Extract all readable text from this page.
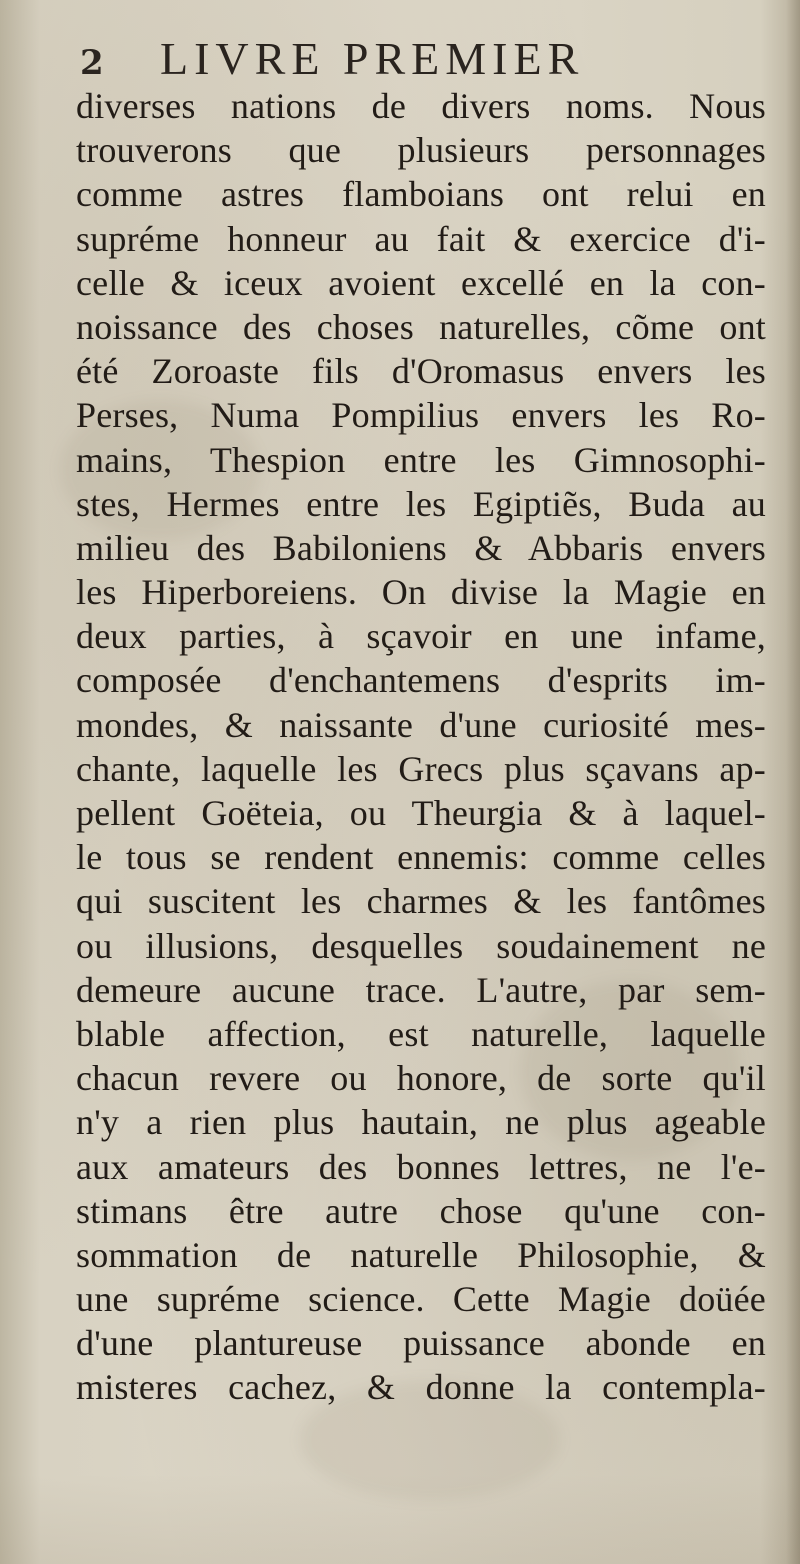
2	LIVRE PREMIER
diverses nations de divers noms. Nous
trouverons que plusieurs personnages
comme astres flamboians ont relui en
supréme honneur au fait & exercice d'i-
celle & iceux avoient excellé en la con-
noissance des choses naturelles, cõme ont
été Zoroaste fils d'Oromasus envers les
Perses, Numa Pompilius envers les Ro-
mains, Thespion entre les Gimnosophi-
stes, Hermes entre les Egiptiẽs, Buda au
milieu des Babiloniens & Abbaris envers
les Hiperboreiens. On divise la Magie en
deux parties, à sçavoir en une infame,
composée d'enchantemens d'esprits im-
mondes, & naissante d'une curiosité mes-
chante, laquelle les Grecs plus sçavans ap-
pellent Goëteia, ou Theurgia & à laquel-
le tous se rendent ennemis: comme celles
qui suscitent les charmes & les fantômes
ou illusions, desquelles soudainement ne
demeure aucune trace. L'autre, par sem-
blable affection, est naturelle, laquelle
chacun revere ou honore, de sorte qu'il
n'y a rien plus hautain, ne plus ageable
aux amateurs des bonnes lettres, ne l'e-
stimans être autre chose qu'une con-
sommation de naturelle Philosophie, &
une supréme science. Cette Magie doüée
d'une plantureuse puissance abonde en
misteres cachez, & donne la contempla-
